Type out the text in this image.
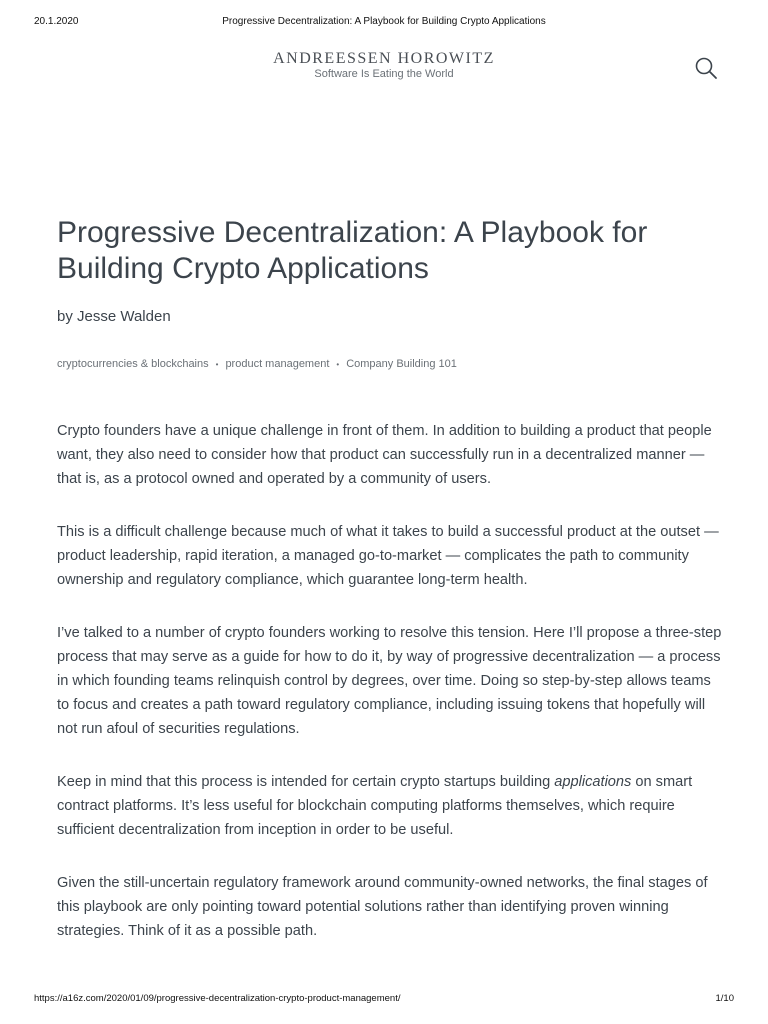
20.1.2020	Progressive Decentralization: A Playbook for Building Crypto Applications
ANDREESSEN HOROWITZ
Software Is Eating the World
Progressive Decentralization: A Playbook for Building Crypto Applications
by Jesse Walden
cryptocurrencies & blockchains • product management • Company Building 101

Crypto founders have a unique challenge in front of them. In addition to building a product that people want, they also need to consider how that product can successfully run in a decentralized manner — that is, as a protocol owned and operated by a community of users.

This is a difficult challenge because much of what it takes to build a successful product at the outset — product leadership, rapid iteration, a managed go-to-market — complicates the path to community ownership and regulatory compliance, which guarantee long-term health.

I’ve talked to a number of crypto founders working to resolve this tension. Here I’ll propose a three-step process that may serve as a guide for how to do it, by way of progressive decentralization — a process in which founding teams relinquish control by degrees, over time. Doing so step-by-step allows teams to focus and creates a path toward regulatory compliance, including issuing tokens that hopefully will not run afoul of securities regulations.

Keep in mind that this process is intended for certain crypto startups building applications on smart contract platforms. It’s less useful for blockchain computing platforms themselves, which require sufficient decentralization from inception in order to be useful.

Given the still-uncertain regulatory framework around community-owned networks, the final stages of this playbook are only pointing toward potential solutions rather than identifying proven winning strategies. Think of it as a possible path.

https://a16z.com/2020/01/09/progressive-decentralization-crypto-product-management/	1/10
